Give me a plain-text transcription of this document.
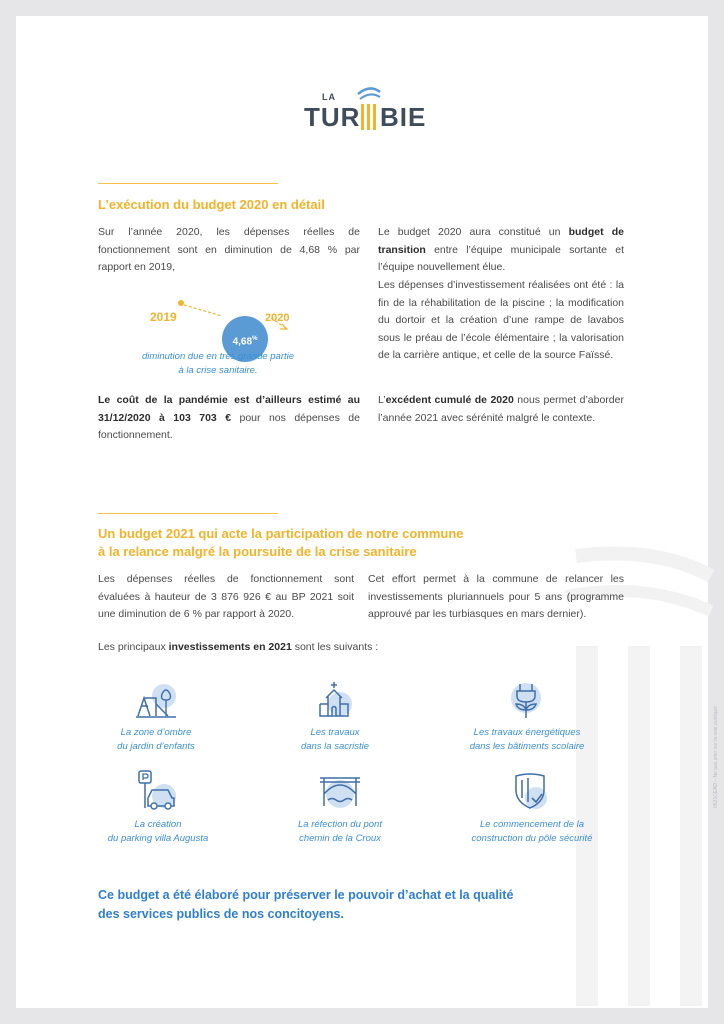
LA
TUR BIE
L’exécution du budget 2020 en détail

Sur l’année 2020, les dépenses réelles de fonctionnement sont en diminution de 4,68 % par rapport en 2019,

2019
4,68%
2020
diminution due en très grande partie
à la crise sanitaire.

Le coût de la pandémie est d’ailleurs estimé au 31/12/2020 à 103 703 € pour nos dépenses de fonctionnement.

Le budget 2020 aura constitué un budget de transition entre l’équipe municipale sortante et l’équipe nouvellement élue.

Les dépenses d’investissement réalisées ont été : la fin de la réhabilitation de la piscine ; la modification du dortoir et la création d’une rampe de lavabos sous le préau de l’école élémentaire ; la valorisation de la carrière antique, et celle de la source Faïssé.

L’excédent cumulé de 2020 nous permet d’aborder l’année 2021 avec sérénité malgré le contexte.

Un budget 2021 qui acte la participation de notre commune
à la relance malgré la poursuite de la crise sanitaire

Les dépenses réelles de fonctionnement sont évaluées à hauteur de 3 876 926 € au BP 2021 soit une diminution de 6 % par rapport à 2020.

Cet effort permet à la commune de relancer les investissements pluriannuels pour 5 ans (programme approuvé par les turbiasques en mars dernier).

Les principaux investissements en 2021 sont les suivants :

La zone d’ombre
du jardin d’enfants
Les travaux
dans la sacristie
Les travaux énergétiques
dans les bâtiments scolaire
La création
du parking villa Augusta
La réfection du pont
chemin de la Croux
Le commencement de la
construction du pôle sécurité
Ce budget a été élaboré pour préserver le pouvoir d’achat et la qualité
des services publics de nos concitoyens.
0521CEAD – Ne pas jeter sur la voie publique
